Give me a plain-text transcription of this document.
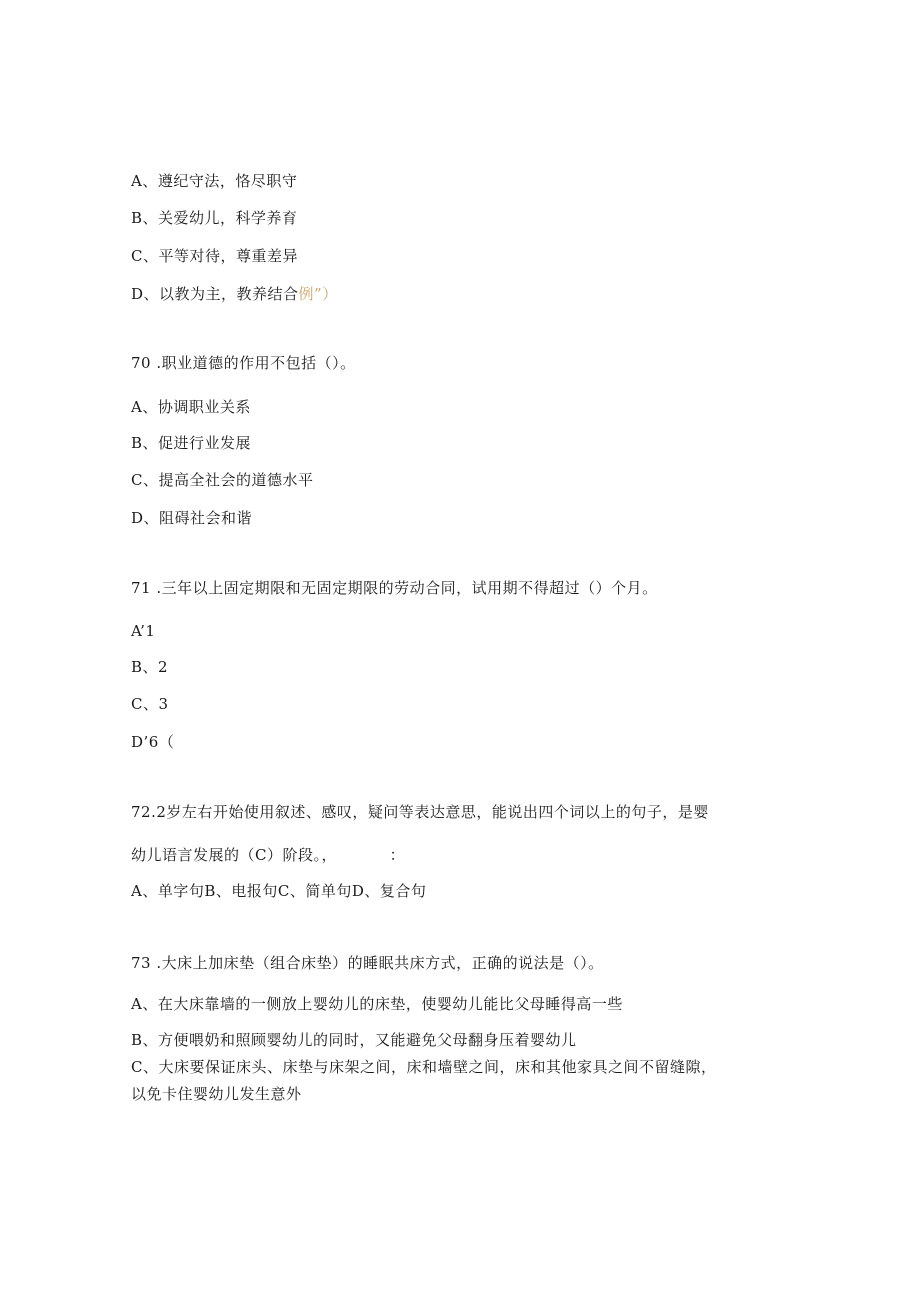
A、遵纪守法，恪尽职守
B、关爱幼儿，科学养育
C、平等对待，尊重差异
D、以教为主，教养结合例”）
70 .职业道德的作用不包括（）。
A、协调职业关系
B、促进行业发展
C、提高全社会的道德水平
D、阻碍社会和谐
71 .三年以上固定期限和无固定期限的劳动合同，试用期不得超过（）个月。
A’1
B、2
C、3
D’6（
72.2岁左右开始使用叙述、感叹，疑问等表达意思，能说出四个词以上的句子，是婴
幼儿语言发展的（C）阶段。，          ：
A、单字句B、电报句C、简单句D、复合句
73 .大床上加床垫（组合床垫）的睡眠共床方式，正确的说法是（）。
A、在大床靠墙的一侧放上婴幼儿的床垫，使婴幼儿能比父母睡得高一些
B、方便喂奶和照顾婴幼儿的同时，又能避免父母翻身压着婴幼儿
C、大床要保证床头、床垫与床架之间，床和墙壁之间，床和其他家具之间不留缝隙，
以免卡住婴幼儿发生意外
